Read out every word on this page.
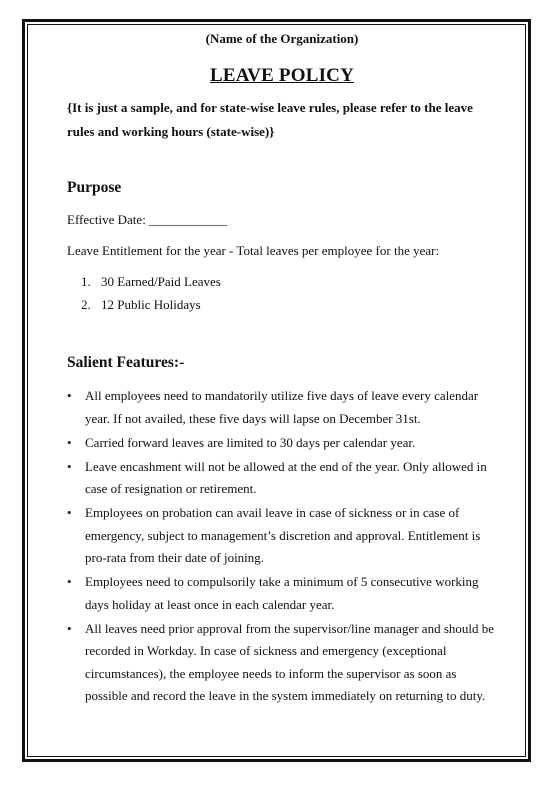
(Name of the Organization)

LEAVE POLICY

{It is just a sample, and for state-wise leave rules, please refer to the leave rules and working hours (state-wise)}

Purpose

Effective Date: ____________

Leave Entitlement for the year - Total leaves per employee for the year:

1. 30 Earned/Paid Leaves
2. 12 Public Holidays
Salient Features:-
• All employees need to mandatorily utilize five days of leave every calendar year. If not availed, these five days will lapse on December 31st.
• Carried forward leaves are limited to 30 days per calendar year.
• Leave encashment will not be allowed at the end of the year. Only allowed in case of resignation or retirement.
• Employees on probation can avail leave in case of sickness or in case of emergency, subject to management’s discretion and approval. Entitlement is pro-rata from their date of joining.
• Employees need to compulsorily take a minimum of 5 consecutive working days holiday at least once in each calendar year.
• All leaves need prior approval from the supervisor/line manager and should be recorded in Workday. In case of sickness and emergency (exceptional circumstances), the employee needs to inform the supervisor as soon as possible and record the leave in the system immediately on returning to duty.
